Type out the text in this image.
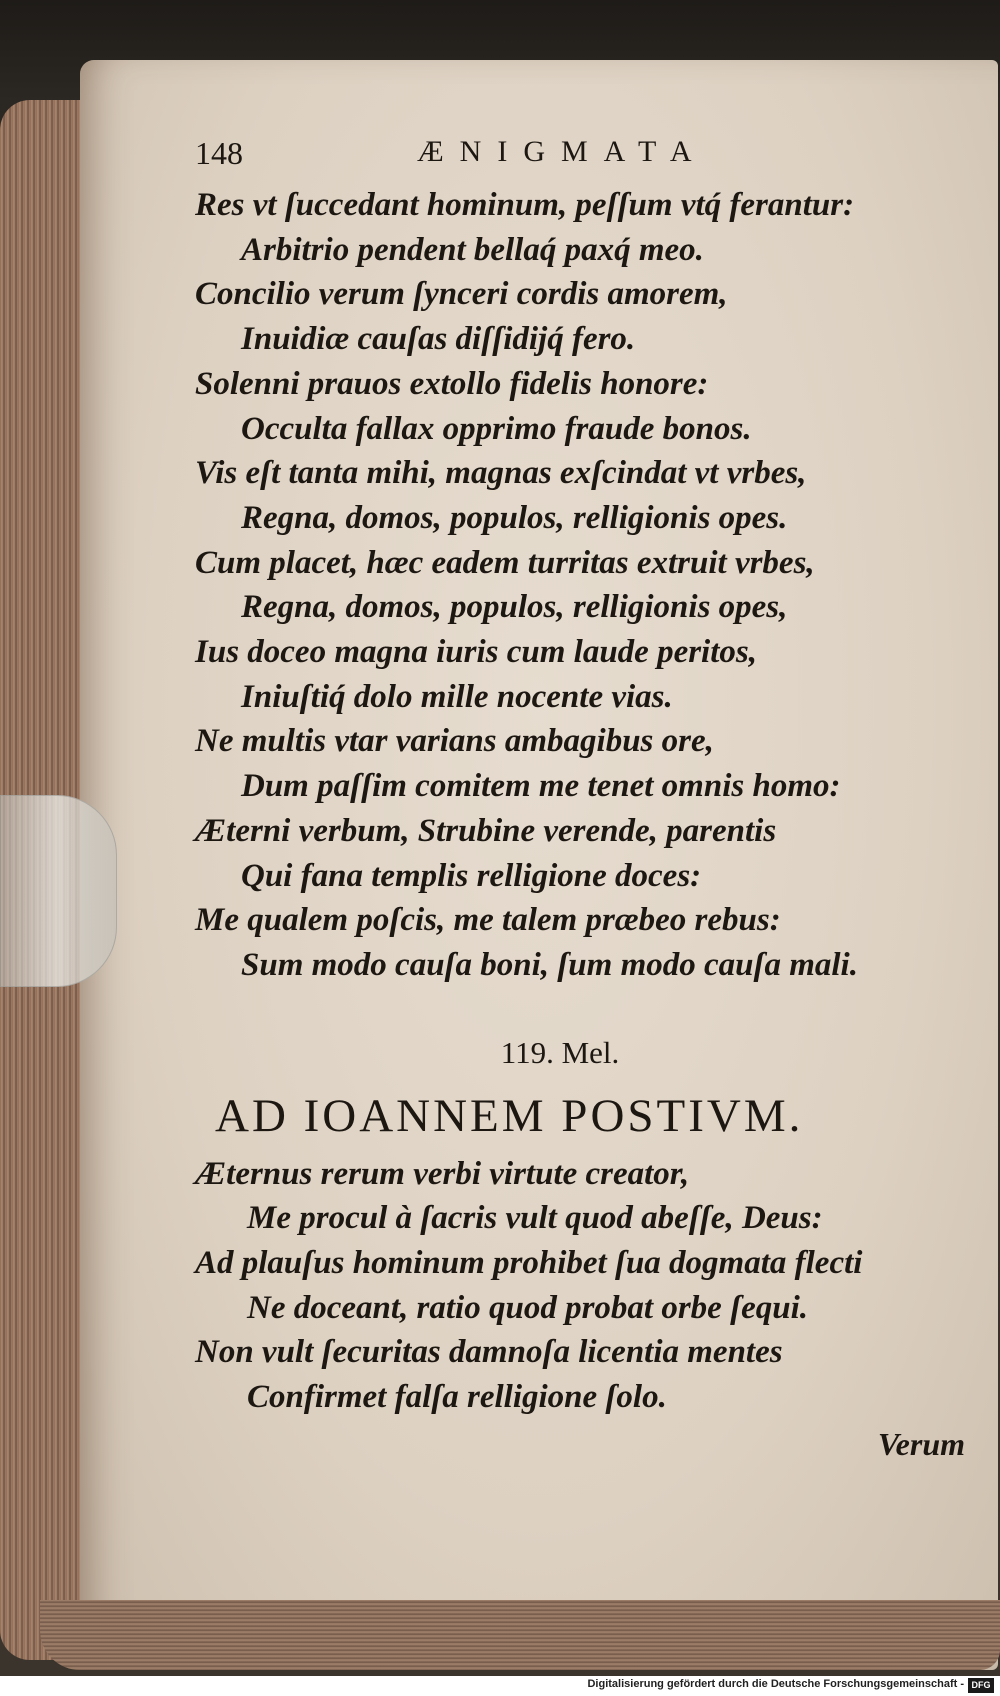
148	ÆNIGMATA
Res vt ſuccedant hominum, peſſum vtq́ ferantur:
Arbitrio pendent bellaq́ paxq́ meo.
Concilio verum ſynceri cordis amorem,
Inuidiæ cauſas diſſidijq́ fero.
Solenni prauos extollo fidelis honore:
Occulta fallax opprimo fraude bonos.
Vis eſt tanta mihi, magnas exſcindat vt vrbes,
Regna, domos, populos, relligionis opes.
Cum placet, hæc eadem turritas extruit vrbes,
Regna, domos, populos, relligionis opes,
Ius doceo magna iuris cum laude peritos,
Iniuſtiq́ dolo mille nocente vias.
Ne multis vtar varians ambagibus ore,
Dum paſſim comitem me tenet omnis homo:
Æterni verbum, Strubine verende, parentis
Qui fana templis relligione doces:
Me qualem poſcis, me talem præbeo rebus:
Sum modo cauſa boni, ſum modo cauſa mali.
119. Mel.
AD IOANNEM POSTIVM.
Æternus rerum verbi virtute creator,
Me procul à ſacris vult quod abeſſe, Deus:
Ad plauſus hominum prohibet ſua dogmata flecti
Ne doceant, ratio quod probat orbe ſequi.
Non vult ſecuritas damnoſa licentia mentes
Confirmet falſa relligione ſolo.
Verum
Digitalisierung gefördert durch die Deutsche Forschungsgemeinschaft - DFG
